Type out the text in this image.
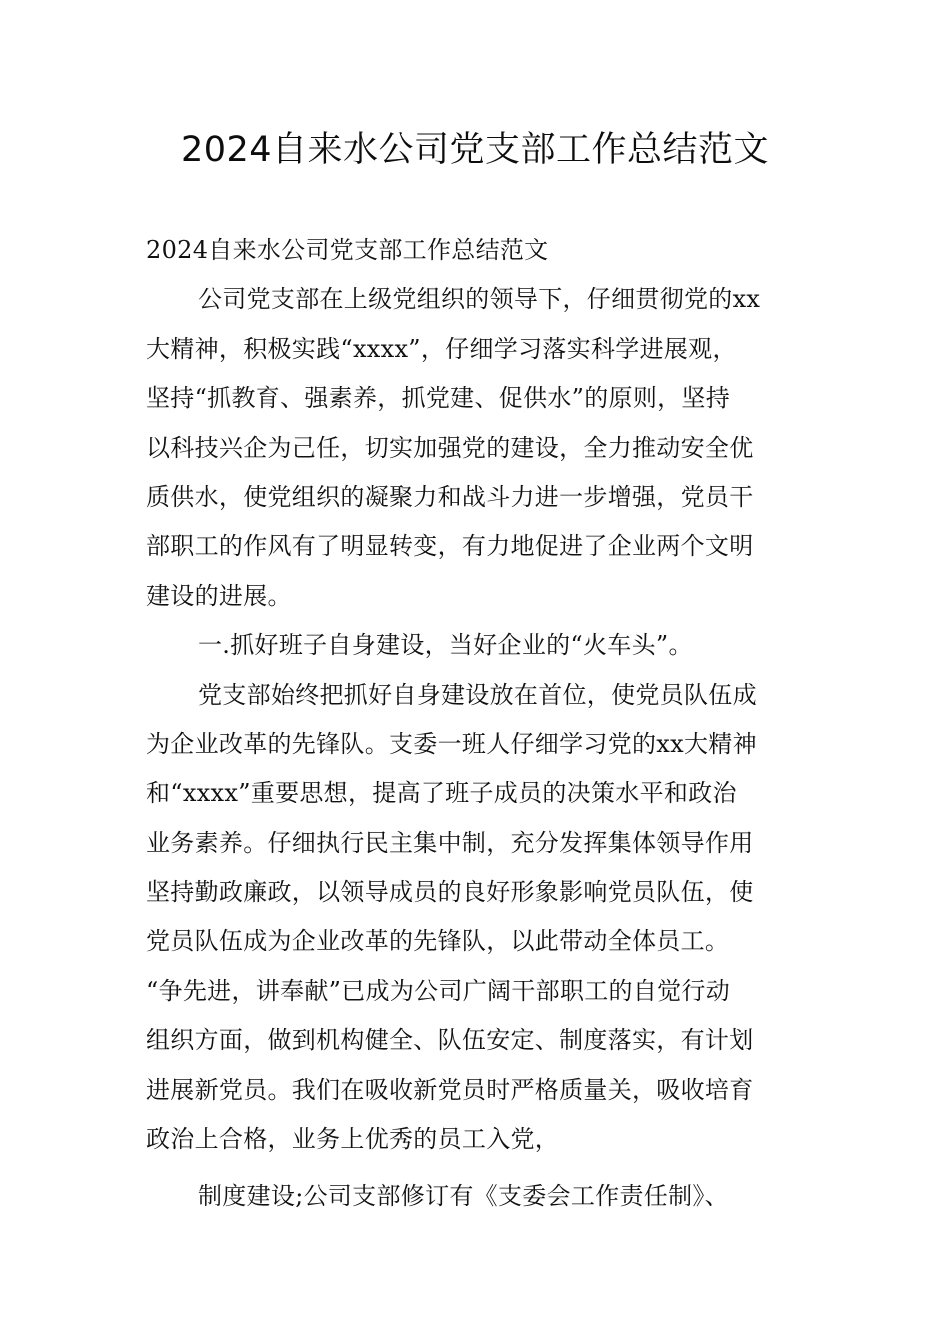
2024自来水公司党支部工作总结范文
2024自来水公司党支部工作总结范文
公司党支部在上级党组织的领导下，仔细贯彻党的xx
大精神，积极实践“xxxx”，仔细学习落实科学进展观，
坚持“抓教育、强素养，抓党建、促供水”的原则，坚持
以科技兴企为己任，切实加强党的建设，全力推动安全优
质供水，使党组织的凝聚力和战斗力进一步增强，党员干
部职工的作风有了明显转变，有力地促进了企业两个文明
建设的进展。
一.抓好班子自身建设，当好企业的“火车头”。
党支部始终把抓好自身建设放在首位，使党员队伍成
为企业改革的先锋队。支委一班人仔细学习党的xx大精神
和“xxxx”重要思想，提高了班子成员的决策水平和政治
业务素养。仔细执行民主集中制，充分发挥集体领导作用
坚持勤政廉政，以领导成员的良好形象影响党员队伍，使
党员队伍成为企业改革的先锋队，以此带动全体员工。
“争先进，讲奉献”已成为公司广阔干部职工的自觉行动
组织方面，做到机构健全、队伍安定、制度落实，有计划
进展新党员。我们在吸收新党员时严格质量关，吸收培育
政治上合格，业务上优秀的员工入党，
制度建设;公司支部修订有《支委会工作责任制》、
